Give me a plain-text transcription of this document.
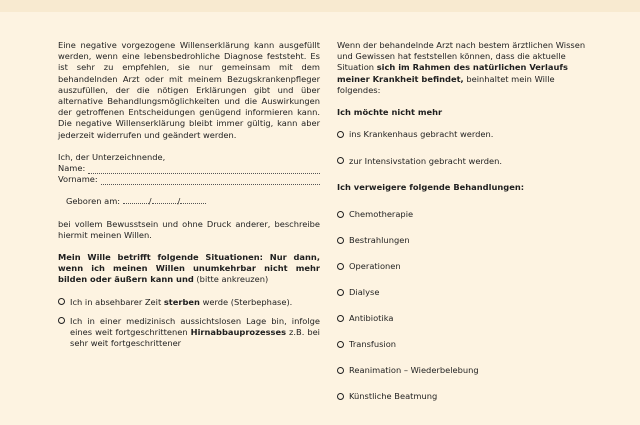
Eine negative vorgezogene Willenserklärung kann ausgefüllt werden, wenn eine lebensbedrohliche Diagnose feststeht. Es ist sehr zu empfehlen, sie nur gemeinsam mit dem behandelnden Arzt oder mit meinem Bezugskrankenpfleger auszufüllen, der die nötigen Erklärungen gibt und über alternative Behandlungsmöglichkeiten und die Auswirkungen der getroffenen Entscheidungen genügend informieren kann. Die negative Willenserklärung bleibt immer gültig, kann aber jederzeit widerrufen und geändert werden.

Ich, der Unterzeichnende,

Name:
Vorname:

Geboren am:	/	/

bei vollem Bewusstsein und ohne Druck anderer, beschreibe hiermit meinen Willen.

Mein Wille betrifft folgende Situationen: Nur dann, wenn ich meinen Willen unumkehrbar nicht mehr bilden oder äußern kann und (bitte ankreuzen)

Ich in absehbarer Zeit sterben werde (Sterbephase).
Ich in einer medizinisch aussichtslosen Lage bin, infolge eines weit fortgeschrittenen Hirnabbauprozesses z.B. bei sehr weit fortgeschrittener

Wenn der behandelnde Arzt nach bestem ärztlichen Wissen und Gewissen hat feststellen können, dass die aktuelle Situation sich im Rahmen des natürlichen Verlaufs meiner Krankheit befindet, beinhaltet mein Wille folgendes:

Ich möchte nicht mehr

ins Krankenhaus gebracht werden.
zur Intensivstation gebracht werden.

Ich verweigere folgende Behandlungen:

Chemotherapie
Bestrahlungen
Operationen
Dialyse
Antibiotika
Transfusion
Reanimation – Wiederbelebung
Künstliche Beatmung
